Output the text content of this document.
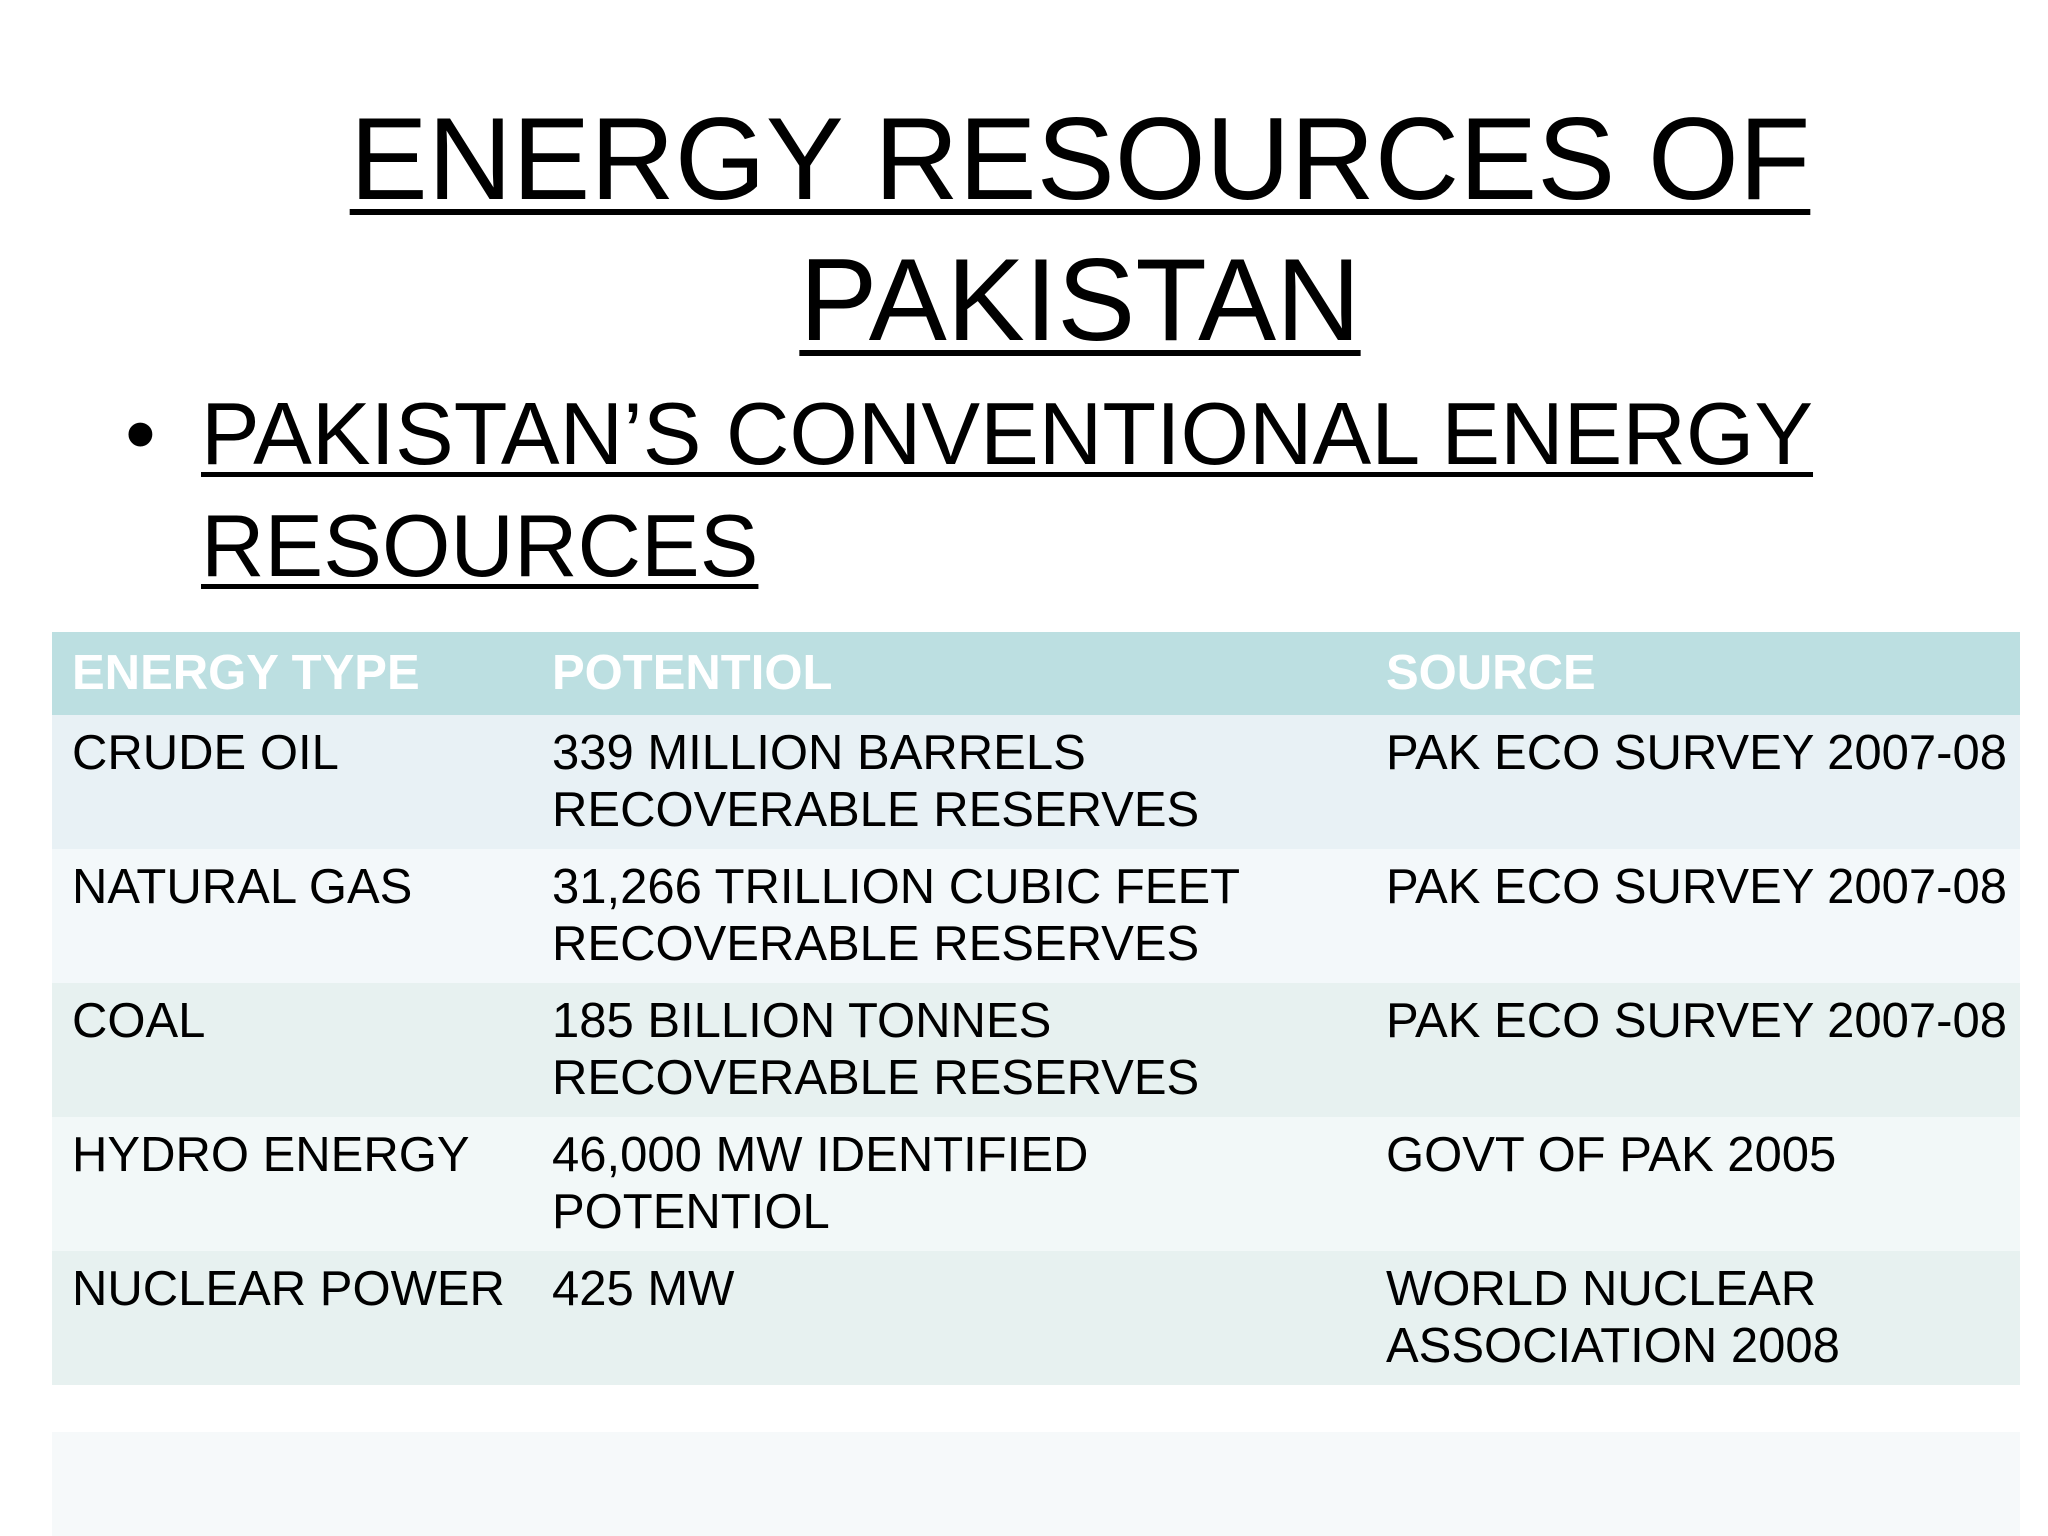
ENERGY RESOURCES OF
PAKISTAN
• PAKISTAN’S CONVENTIONAL ENERGY RESOURCES
ENERGY TYPE	POTENTIOL	SOURCE
CRUDE OIL	339 MILLION BARRELS RECOVERABLE RESERVES	PAK ECO SURVEY 2007-08
NATURAL GAS	31,266 TRILLION CUBIC FEET RECOVERABLE RESERVES	PAK ECO SURVEY 2007-08
COAL	185 BILLION TONNES RECOVERABLE RESERVES	PAK ECO SURVEY 2007-08
HYDRO ENERGY	46,000 MW IDENTIFIED POTENTIOL	GOVT OF PAK 2005
NUCLEAR POWER	425 MW	WORLD NUCLEAR ASSOCIATION 2008
